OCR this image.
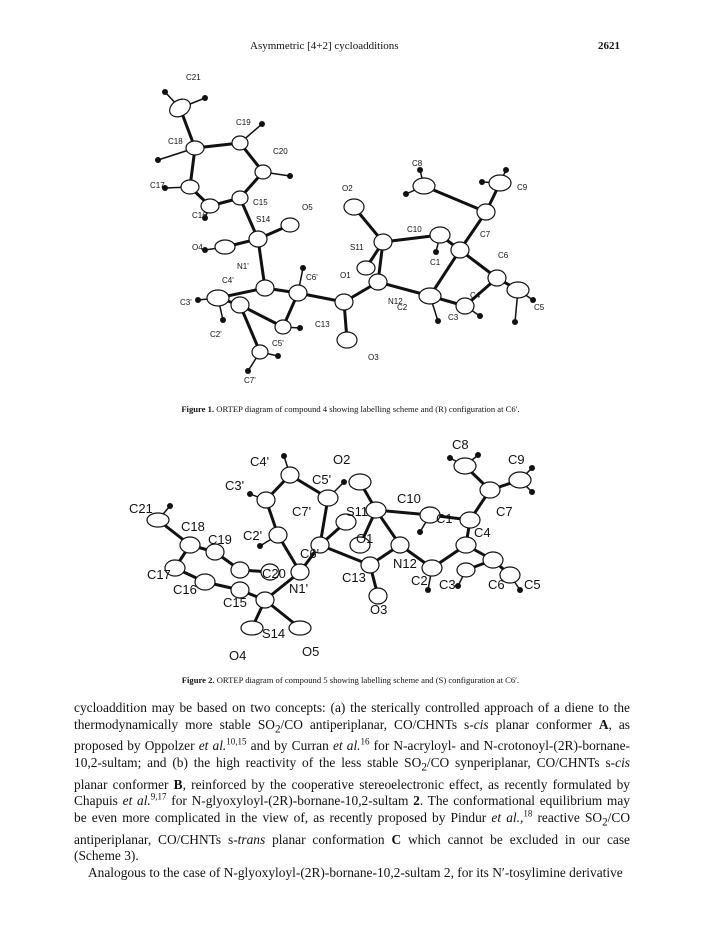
Asymmetric [4+2] cycloadditions	2621
C21
C19
C18
C20
C17
C15
C16	S14
O5
O4
N1'
C4'	C6'
C3'
C2'
C5'
C7'
C13
O3
O1
N12
S11
O2
C10
C8
C9
C7
C1
C6
C4
C2
C3
C5
Figure 1. ORTEP diagram of compound 4 showing labelling scheme and (R) configuration at C6′.
C8
C4'	O2	C9
C5'
C3'
C10
C7'	S11
C21
C1	C7
C18
C2'	C4
O1
C6'
C19
N12
C20	C13	C2
C17
C3 C6 C5
C16	N1'
C15	O3
S14
O4	O5
Figure 2. ORTEP diagram of compound 5 showing labelling scheme and (S) configuration at C6′.

cycloaddition may be based on two concepts: (a) the sterically controlled approach of a diene to the thermodynamically more stable $SO_2/CO$ antiperiplanar, CO/CHNTs s-cis planar conformer A, as proposed by Oppolzer et al.$^{10,15}$ and by Curran et al.$^{16}$ for N-acryloyl- and N-crotonoyl-(2R)-bornane-10,2-sultam; and (b) the high reactivity of the less stable $SO_2/CO$ synperiplanar, CO/CHNTs s-cis planar conformer B, reinforced by the cooperative stereoelectronic effect, as recently formulated by Chapuis et al.$^{9,17}$ for N-glyoxyloyl-(2R)-bornane-10,2-sultam 2. The conformational equilibrium may be even more complicated in the view of, as recently proposed by Pindur et al.,$^{18}$ reactive $SO_2/CO$ antiperiplanar, CO/CHNTs s-trans planar conformation C which cannot be excluded in our case (Scheme 3).

Analogous to the case of N-glyoxyloyl-(2R)-bornane-10,2-sultam 2, for its N′-tosylimine derivative
